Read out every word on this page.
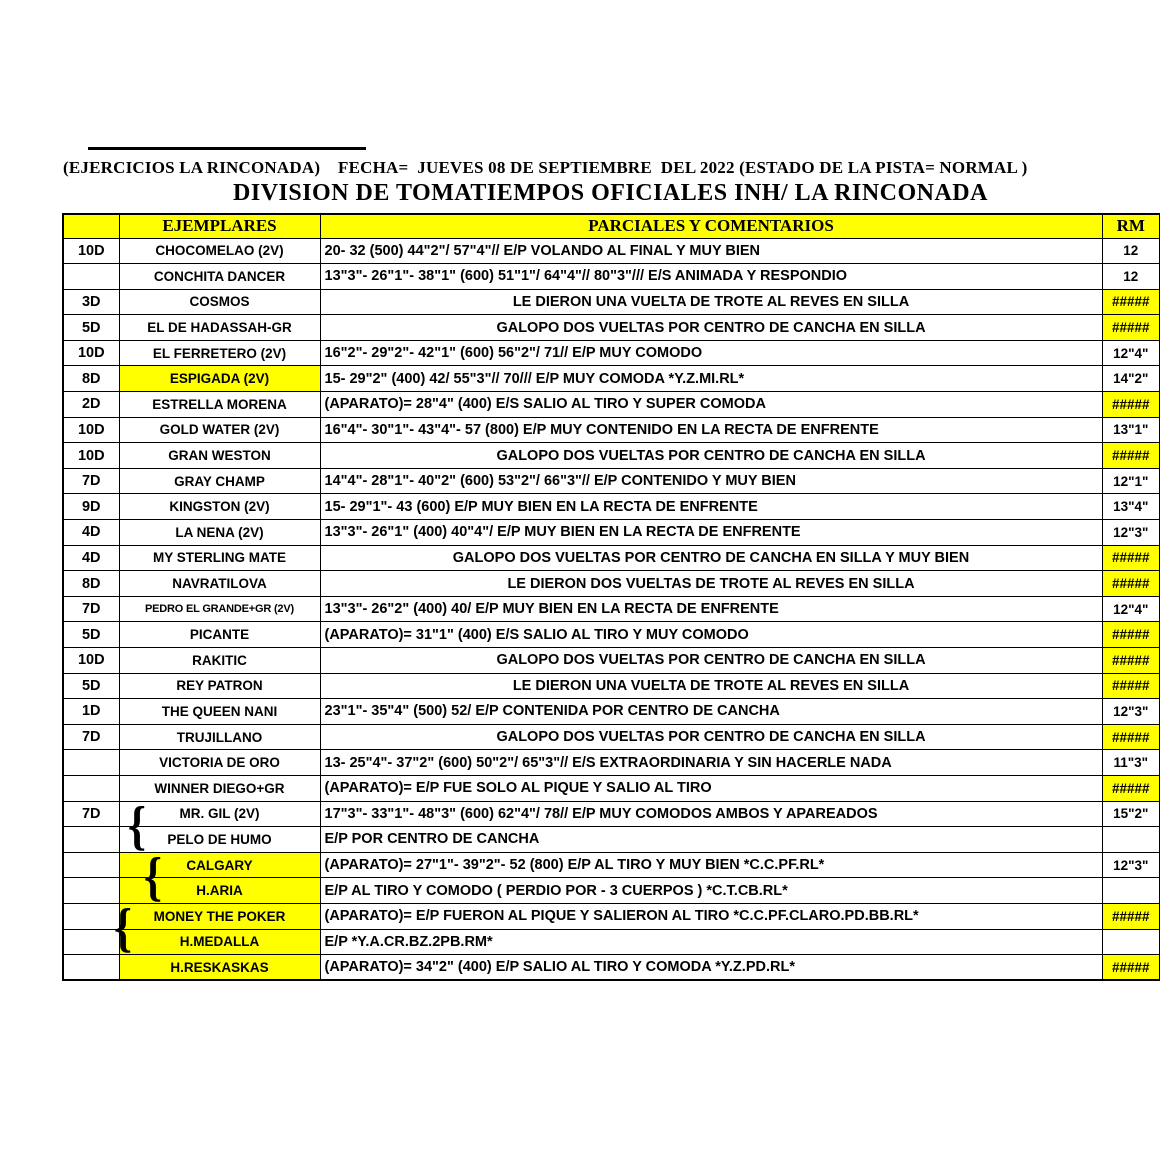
(EJERCICIOS LA RINCONADA)    FECHA=  JUEVES 08 DE SEPTIEMBRE  DEL 2022 (ESTADO DE LA PISTA= NORMAL )
DIVISION DE TOMATIEMPOS OFICIALES INH/ LA RINCONADA
	EJEMPLARES	PARCIALES Y COMENTARIOS	RM
10D	CHOCOMELAO (2V)	20- 32 (500) 44"2"/ 57"4"// E/P VOLANDO AL FINAL Y MUY BIEN	12
	CONCHITA DANCER	13"3"- 26"1"- 38"1" (600) 51"1"/ 64"4"// 80"3"/// E/S ANIMADA Y RESPONDIO	12
3D	COSMOS	LE DIERON UNA VUELTA DE TROTE AL REVES EN SILLA	#####
5D	EL DE HADASSAH-GR	GALOPO DOS VUELTAS POR CENTRO DE CANCHA EN SILLA	#####
10D	EL FERRETERO (2V)	16"2"- 29"2"- 42"1" (600) 56"2"/ 71// E/P MUY COMODO	12"4"
8D	ESPIGADA (2V)	15- 29"2" (400) 42/ 55"3"// 70/// E/P MUY COMODA *Y.Z.MI.RL*	14"2"
2D	ESTRELLA MORENA	(APARATO)= 28"4" (400) E/S SALIO AL TIRO Y SUPER COMODA	#####
10D	GOLD WATER (2V)	16"4"- 30"1"- 43"4"- 57 (800) E/P MUY CONTENIDO EN LA RECTA DE ENFRENTE	13"1"
10D	GRAN WESTON	GALOPO DOS VUELTAS POR CENTRO DE CANCHA EN SILLA	#####
7D	GRAY CHAMP	14"4"- 28"1"- 40"2" (600) 53"2"/ 66"3"// E/P CONTENIDO Y MUY BIEN	12"1"
9D	KINGSTON (2V)	15- 29"1"- 43 (600) E/P MUY BIEN EN LA RECTA DE ENFRENTE	13"4"
4D	LA NENA (2V)	13"3"- 26"1" (400) 40"4"/ E/P MUY BIEN EN LA RECTA DE ENFRENTE	12"3"
4D	MY STERLING MATE	GALOPO DOS VUELTAS POR CENTRO DE CANCHA EN SILLA Y MUY BIEN	#####
8D	NAVRATILOVA	LE DIERON DOS VUELTAS DE TROTE AL REVES EN SILLA	#####
7D	PEDRO EL GRANDE+GR (2V)	13"3"- 26"2" (400) 40/ E/P MUY BIEN EN LA RECTA DE ENFRENTE	12"4"
5D	PICANTE	(APARATO)= 31"1" (400) E/S SALIO AL TIRO Y MUY COMODO	#####
10D	RAKITIC	GALOPO DOS VUELTAS POR CENTRO DE CANCHA EN SILLA	#####
5D	REY PATRON	LE DIERON UNA VUELTA DE TROTE AL REVES EN SILLA	#####
1D	THE QUEEN NANI	23"1"- 35"4" (500) 52/ E/P CONTENIDA POR CENTRO DE CANCHA	12"3"
7D	TRUJILLANO	GALOPO DOS VUELTAS POR CENTRO DE CANCHA EN SILLA	#####
	VICTORIA DE ORO	13- 25"4"- 37"2" (600) 50"2"/ 65"3"// E/S EXTRAORDINARIA Y SIN HACERLE NADA	11"3"
	WINNER DIEGO+GR	(APARATO)= E/P FUE SOLO AL PIQUE Y SALIO AL TIRO	#####
7D	MR. GIL (2V)	17"3"- 33"1"- 48"3" (600) 62"4"/ 78// E/P MUY COMODOS AMBOS Y APAREADOS	15"2"
	PELO DE HUMO	E/P POR CENTRO DE CANCHA	
	CALGARY	(APARATO)= 27"1"- 39"2"- 52 (800) E/P AL TIRO Y MUY BIEN *C.C.PF.RL*	12"3"
	H.ARIA	E/P AL TIRO Y COMODO ( PERDIO POR - 3 CUERPOS ) *C.T.CB.RL*	
	MONEY THE POKER	(APARATO)= E/P FUERON AL PIQUE Y SALIERON AL TIRO *C.C.PF.CLARO.PD.BB.RL*	#####
	H.MEDALLA	E/P *Y.A.CR.BZ.2PB.RM*	
	H.RESKASKAS	(APARATO)= 34"2" (400) E/P SALIO AL TIRO Y COMODA *Y.Z.PD.RL*	#####
{
{
{
